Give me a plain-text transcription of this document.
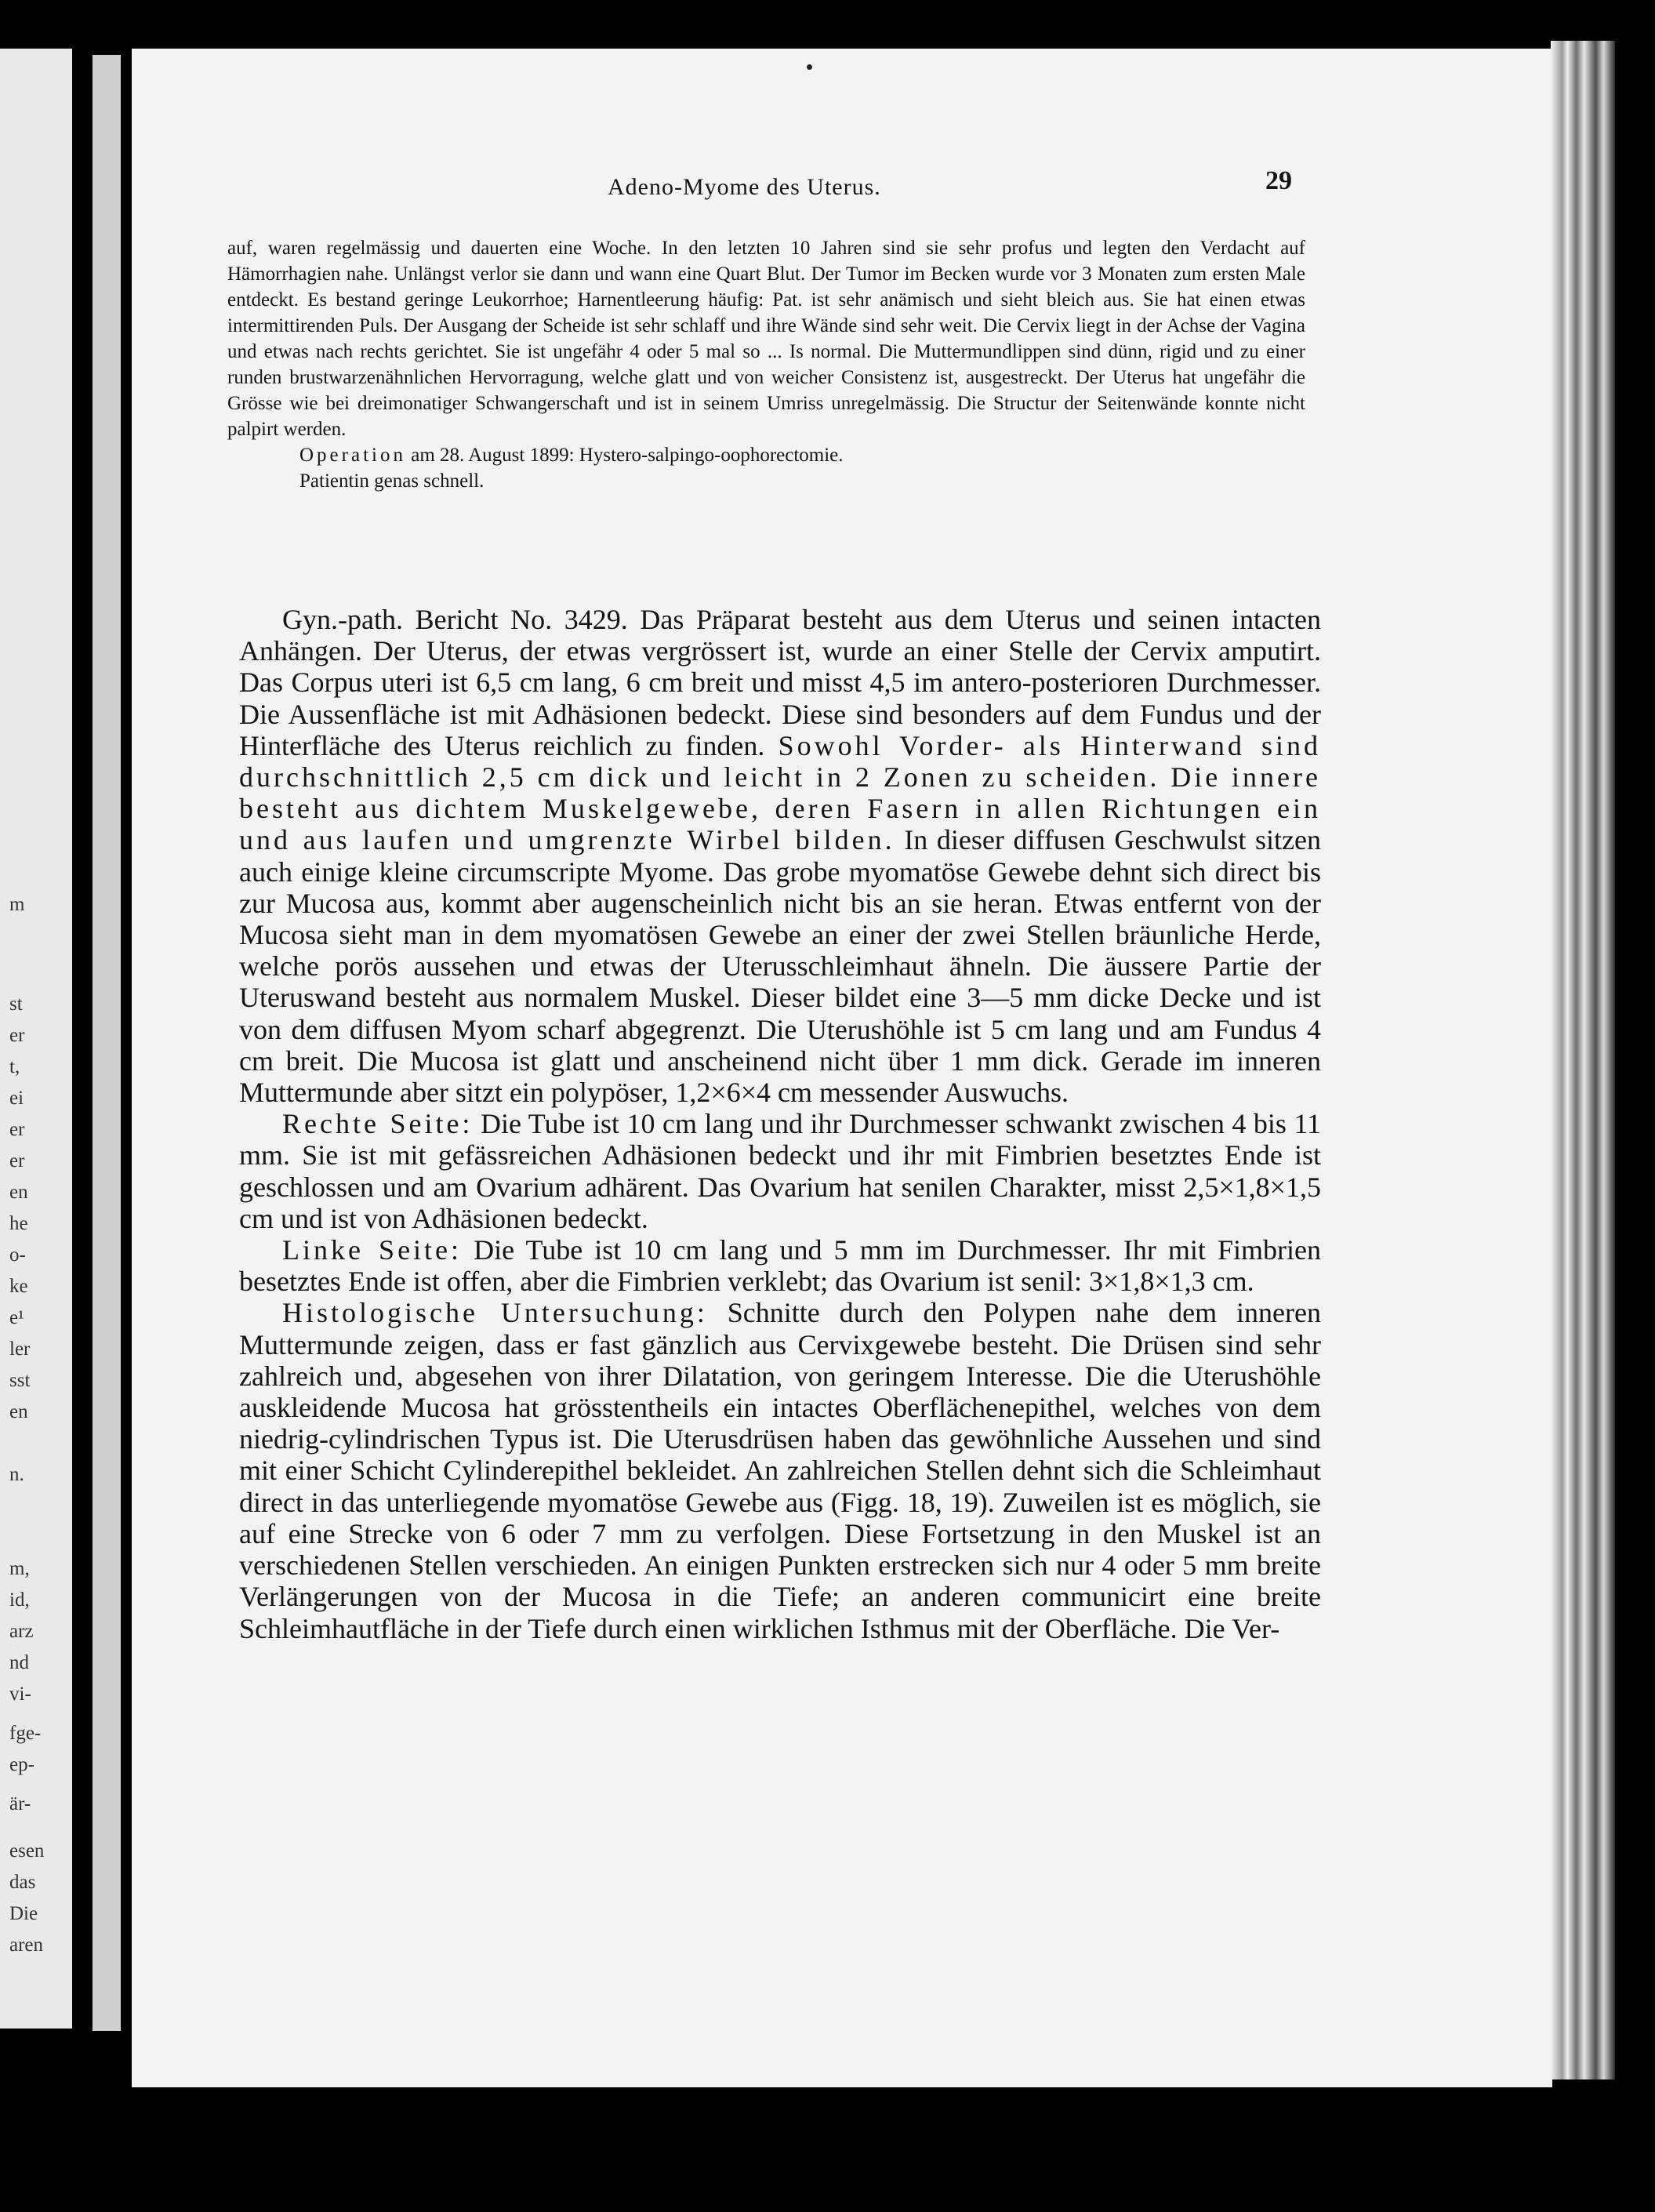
m
st
er
t,
ei
er
er
en
he
o-
ke
e¹
ler
sst
en
n.
m,
id,
arz
nd
vi-
fge-
ep-
är-
esen
das
Die
aren
Adeno-Myome des Uterus.	29

auf, waren regelmässig und dauerten eine Woche. In den letzten 10 Jahren sind sie sehr profus und legten den Verdacht auf Hämorrhagien nahe. Unlängst verlor sie dann und wann eine Quart Blut. Der Tumor im Becken wurde vor 3 Monaten zum ersten Male entdeckt. Es bestand geringe Leukorrhoe; Harnentleerung häufig: Pat. ist sehr anämisch und sieht bleich aus. Sie hat einen etwas intermittirenden Puls. Der Ausgang der Scheide ist sehr schlaff und ihre Wände sind sehr weit. Die Cervix liegt in der Achse der Vagina und etwas nach rechts gerichtet. Sie ist ungefähr 4 oder 5 mal so ... Is normal. Die Muttermundlippen sind dünn, rigid und zu einer runden brustwarzenähnlichen Hervorragung, welche glatt und von weicher Consistenz ist, ausgestreckt. Der Uterus hat ungefähr die Grösse wie bei dreimonatiger Schwangerschaft und ist in seinem Umriss unregelmässig. Die Structur der Seitenwände konnte nicht palpirt werden.

Operation am 28. August 1899: Hystero-salpingo-oophorectomie.

Patientin genas schnell.

Gyn.-path. Bericht No. 3429. Das Präparat besteht aus dem Uterus und seinen intacten Anhängen. Der Uterus, der etwas vergrössert ist, wurde an einer Stelle der Cervix amputirt. Das Corpus uteri ist 6,5 cm lang, 6 cm breit und misst 4,5 im antero-posterioren Durchmesser. Die Aussenfläche ist mit Adhäsionen bedeckt. Diese sind besonders auf dem Fundus und der Hinterfläche des Uterus reichlich zu finden. Sowohl Vorder- als Hinterwand sind durchschnittlich 2,5 cm dick und leicht in 2 Zonen zu scheiden. Die innere besteht aus dichtem Muskelgewebe, deren Fasern in allen Richtungen ein und aus laufen und umgrenzte Wirbel bilden. In dieser diffusen Geschwulst sitzen auch einige kleine circumscripte Myome. Das grobe myomatöse Gewebe dehnt sich direct bis zur Mucosa aus, kommt aber augenscheinlich nicht bis an sie heran. Etwas entfernt von der Mucosa sieht man in dem myomatösen Gewebe an einer der zwei Stellen bräunliche Herde, welche porös aussehen und etwas der Uterusschleimhaut ähneln. Die äussere Partie der Uteruswand besteht aus normalem Muskel. Dieser bildet eine 3—5 mm dicke Decke und ist von dem diffusen Myom scharf abgegrenzt. Die Uterushöhle ist 5 cm lang und am Fundus 4 cm breit. Die Mucosa ist glatt und anscheinend nicht über 1 mm dick. Gerade im inneren Muttermunde aber sitzt ein polypöser, 1,2×6×4 cm messender Auswuchs.

Rechte Seite: Die Tube ist 10 cm lang und ihr Durchmesser schwankt zwischen 4 bis 11 mm. Sie ist mit gefässreichen Adhäsionen bedeckt und ihr mit Fimbrien besetztes Ende ist geschlossen und am Ovarium adhärent. Das Ovarium hat senilen Charakter, misst 2,5×1,8×1,5 cm und ist von Adhäsionen bedeckt.

Linke Seite: Die Tube ist 10 cm lang und 5 mm im Durchmesser. Ihr mit Fimbrien besetztes Ende ist offen, aber die Fimbrien verklebt; das Ovarium ist senil: 3×1,8×1,3 cm.

Histologische Untersuchung: Schnitte durch den Polypen nahe dem inneren Muttermunde zeigen, dass er fast gänzlich aus Cervixgewebe besteht. Die Drüsen sind sehr zahlreich und, abgesehen von ihrer Dilatation, von geringem Interesse. Die die Uterushöhle auskleidende Mucosa hat grösstentheils ein intactes Oberflächenepithel, welches von dem niedrig-cylindrischen Typus ist. Die Uterusdrüsen haben das gewöhnliche Aussehen und sind mit einer Schicht Cylinderepithel bekleidet. An zahlreichen Stellen dehnt sich die Schleimhaut direct in das unterliegende myomatöse Gewebe aus (Figg. 18, 19). Zuweilen ist es möglich, sie auf eine Strecke von 6 oder 7 mm zu verfolgen. Diese Fortsetzung in den Muskel ist an verschiedenen Stellen verschieden. An einigen Punkten erstrecken sich nur 4 oder 5 mm breite Verlängerungen von der Mucosa in die Tiefe; an anderen communicirt eine breite Schleimhautfläche in der Tiefe durch einen wirklichen Isthmus mit der Oberfläche. Die Ver-
